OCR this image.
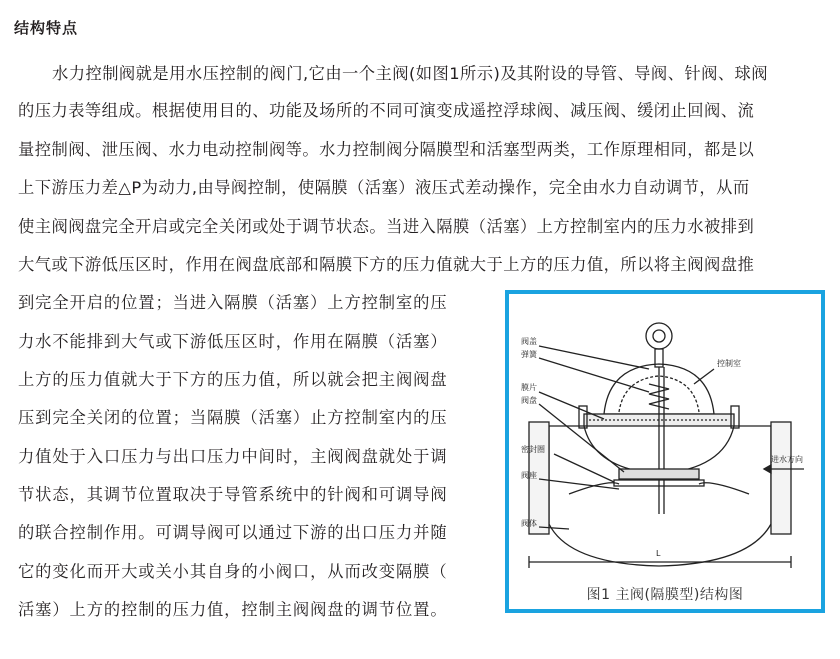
结构特点
水力控制阀就是用水压控制的阀门,它由一个主阀(如图1所示)及其附设的导管、导阀、针阀、球阀
的压力表等组成。根据使用目的、功能及场所的不同可演变成遥控浮球阀、减压阀、缓闭止回阀、流
量控制阀、泄压阀、水力电动控制阀等。水力控制阀分隔膜型和活塞型两类，工作原理相同，都是以
上下游压力差△P为动力,由导阀控制，使隔膜（活塞）液压式差动操作，完全由水力自动调节，从而
使主阀阀盘完全开启或完全关闭或处于调节状态。当进入隔膜（活塞）上方控制室内的压力水被排到
大气或下游低压区时，作用在阀盘底部和隔膜下方的压力值就大于上方的压力值，所以将主阀阀盘推
到完全开启的位置；当进入隔膜（活塞）上方控制室的压
力水不能排到大气或下游低压区时，作用在隔膜（活塞）
上方的压力值就大于下方的压力值，所以就会把主阀阀盘
压到完全关闭的位置；当隔膜（活塞）止方控制室内的压
力值处于入口压力与出口压力中间时，主阀阀盘就处于调
节状态，其调节位置取决于导管系统中的针阀和可调导阀
的联合控制作用。可调导阀可以通过下游的出口压力并随
它的变化而开大或关小其自身的小阀口，从而改变隔膜（
活塞）上方的控制的压力值，控制主阀阀盘的调节位置。
阀盖
弹簧
控制室
膜片
阀盘
密封圈
阀座
进水方向
阀体
L
图1 主阀(隔膜型)结构图
